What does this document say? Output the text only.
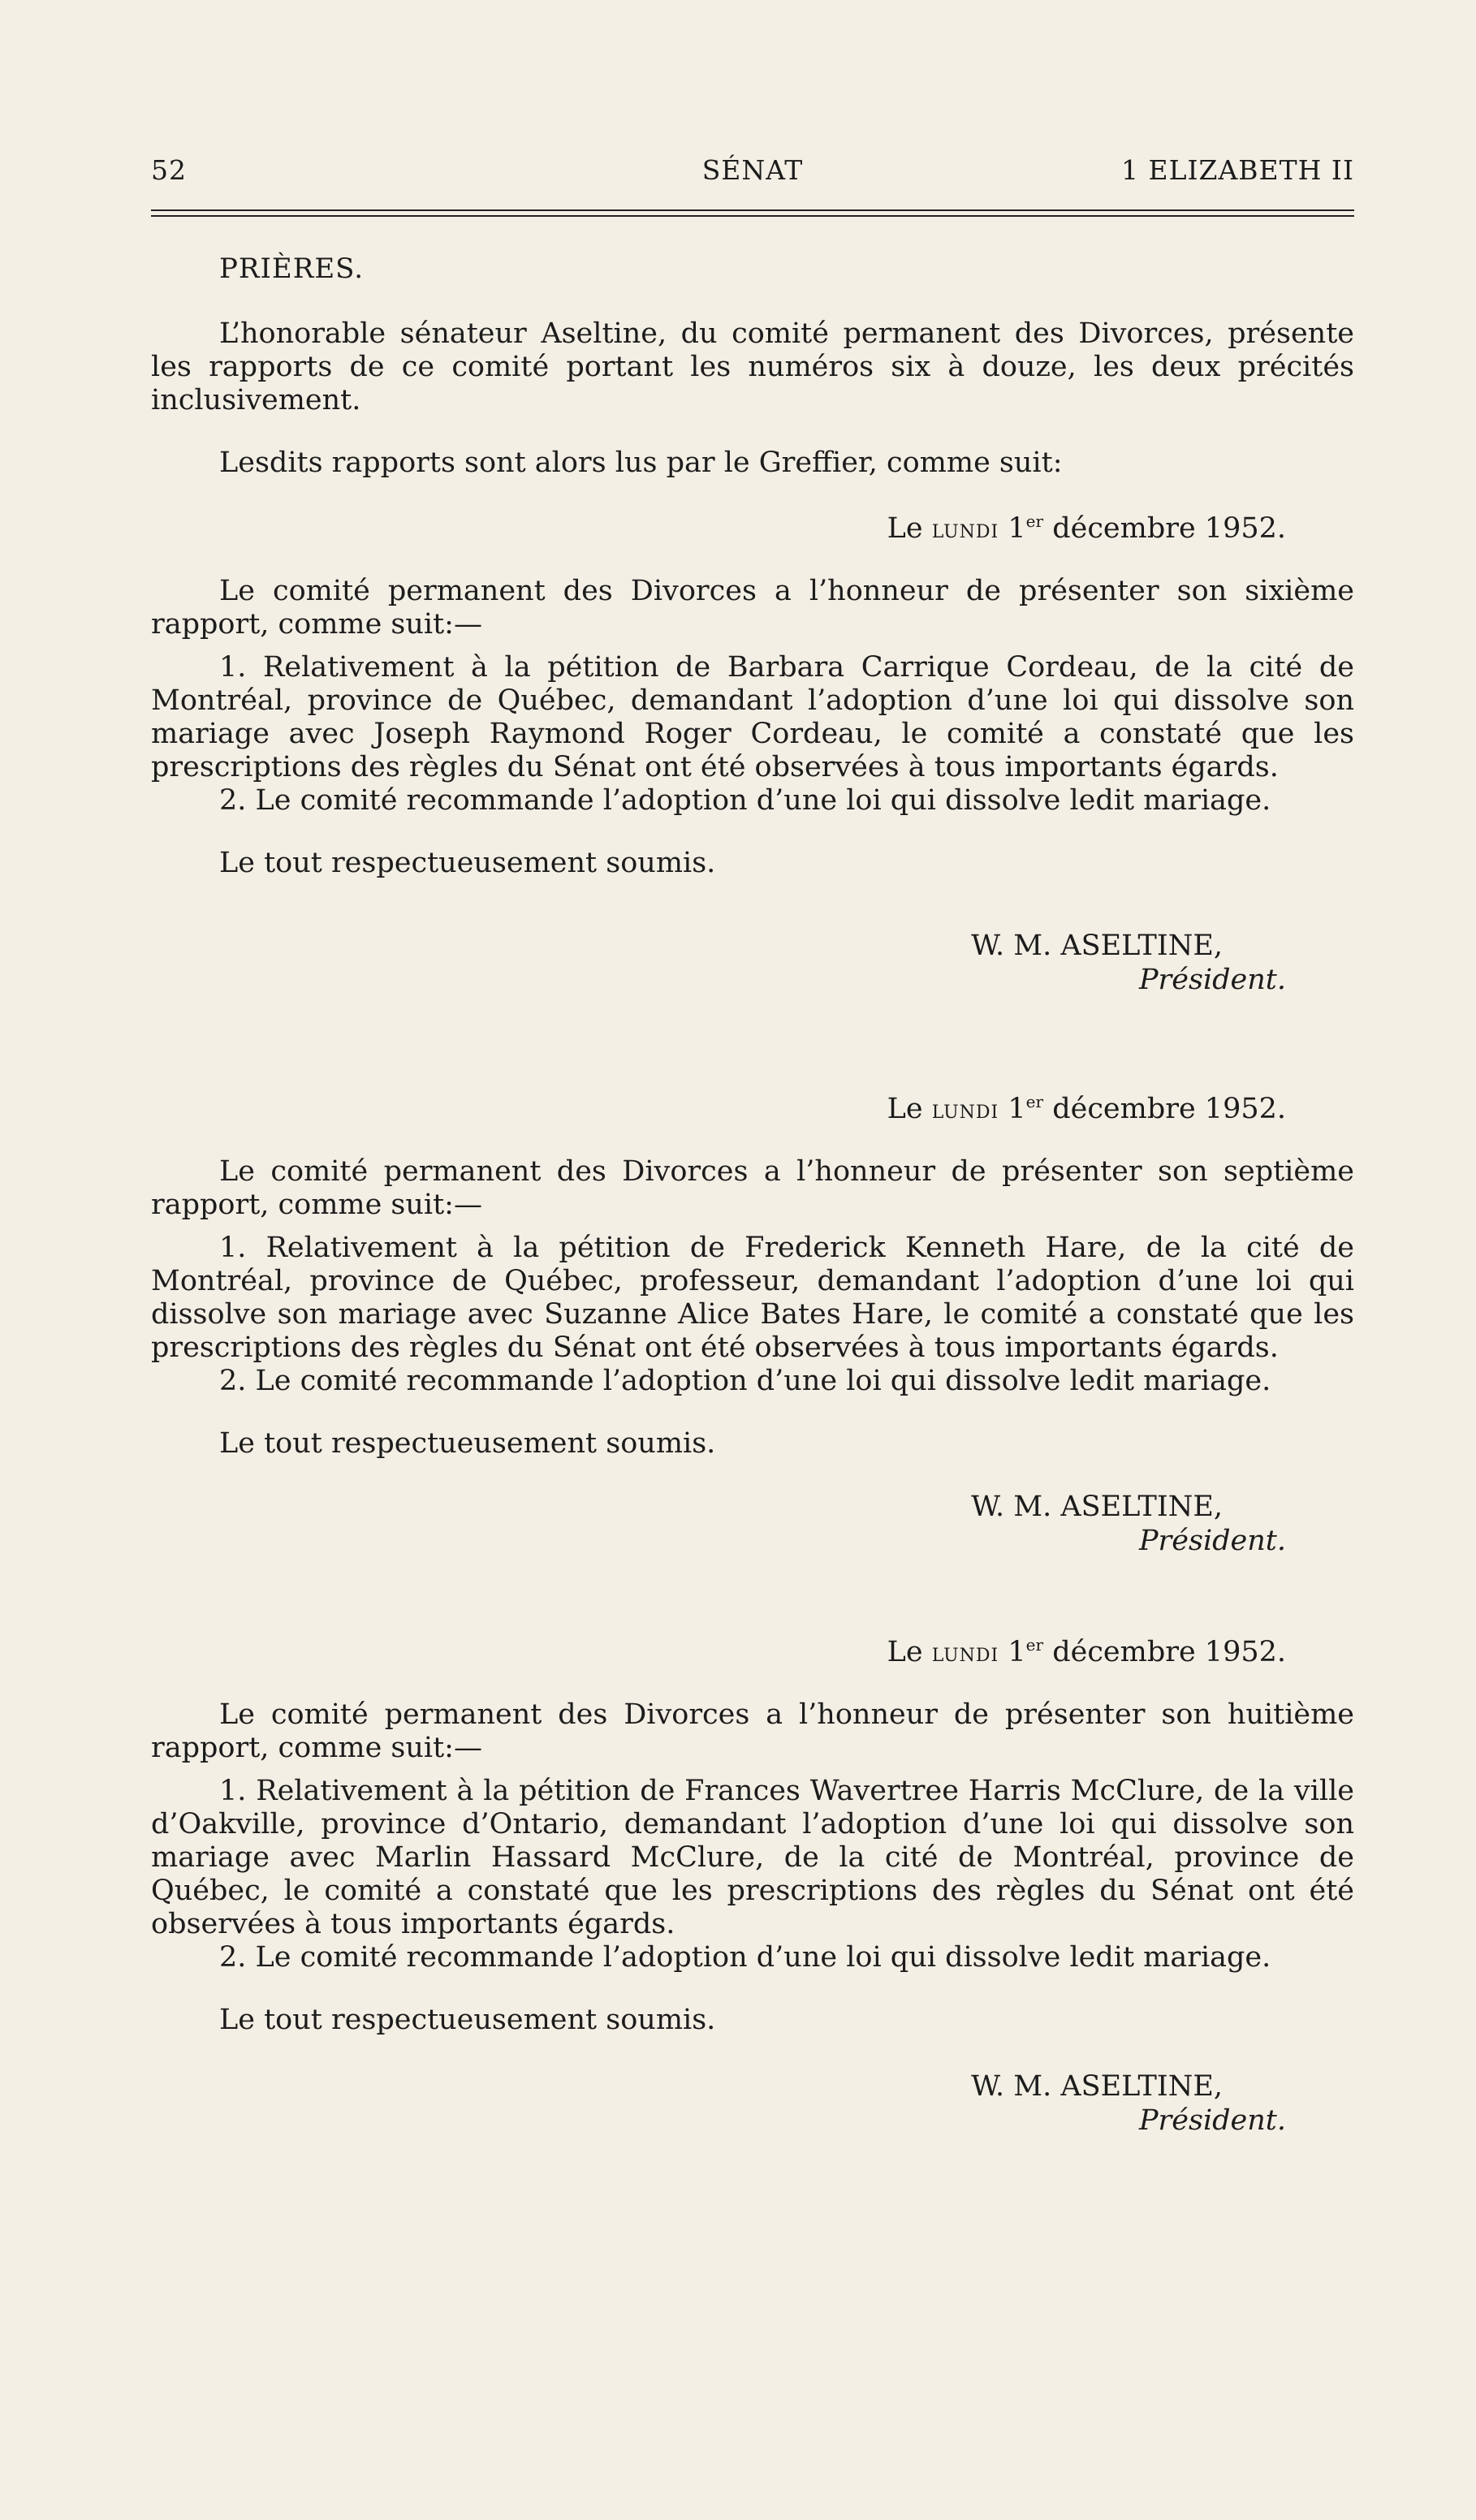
52	SÉNAT	1 ELIZABETH II
PRIÈRES.

L’honorable sénateur Aseltine, du comité permanent des Divorces, présente les rapports de ce comité portant les numéros six à douze, les deux précités inclusivement.

Lesdits rapports sont alors lus par le Greffier, comme suit:

Le lundi 1er décembre 1952.

Le comité permanent des Divorces a l’honneur de présenter son sixième rapport, comme suit:—

1. Relativement à la pétition de Barbara Carrique Cordeau, de la cité de Montréal, province de Québec, demandant l’adoption d’une loi qui dissolve son mariage avec Joseph Raymond Roger Cordeau, le comité a constaté que les prescriptions des règles du Sénat ont été observées à tous importants égards.

2. Le comité recommande l’adoption d’une loi qui dissolve ledit mariage.

Le tout respectueusement soumis.

W. M. ASELTINE,
Président.
Le lundi 1er décembre 1952.

Le comité permanent des Divorces a l’honneur de présenter son septième rapport, comme suit:—

1. Relativement à la pétition de Frederick Kenneth Hare, de la cité de Montréal, province de Québec, professeur, demandant l’adoption d’une loi qui dissolve son mariage avec Suzanne Alice Bates Hare, le comité a constaté que les prescriptions des règles du Sénat ont été observées à tous importants égards.

2. Le comité recommande l’adoption d’une loi qui dissolve ledit mariage.

Le tout respectueusement soumis.

W. M. ASELTINE,
Président.
Le lundi 1er décembre 1952.

Le comité permanent des Divorces a l’honneur de présenter son huitième rapport, comme suit:—

1. Relativement à la pétition de Frances Wavertree Harris McClure, de la ville d’Oakville, province d’Ontario, demandant l’adoption d’une loi qui dissolve son mariage avec Marlin Hassard McClure, de la cité de Montréal, province de Québec, le comité a constaté que les prescriptions des règles du Sénat ont été observées à tous importants égards.

2. Le comité recommande l’adoption d’une loi qui dissolve ledit mariage.

Le tout respectueusement soumis.

W. M. ASELTINE,
Président.
